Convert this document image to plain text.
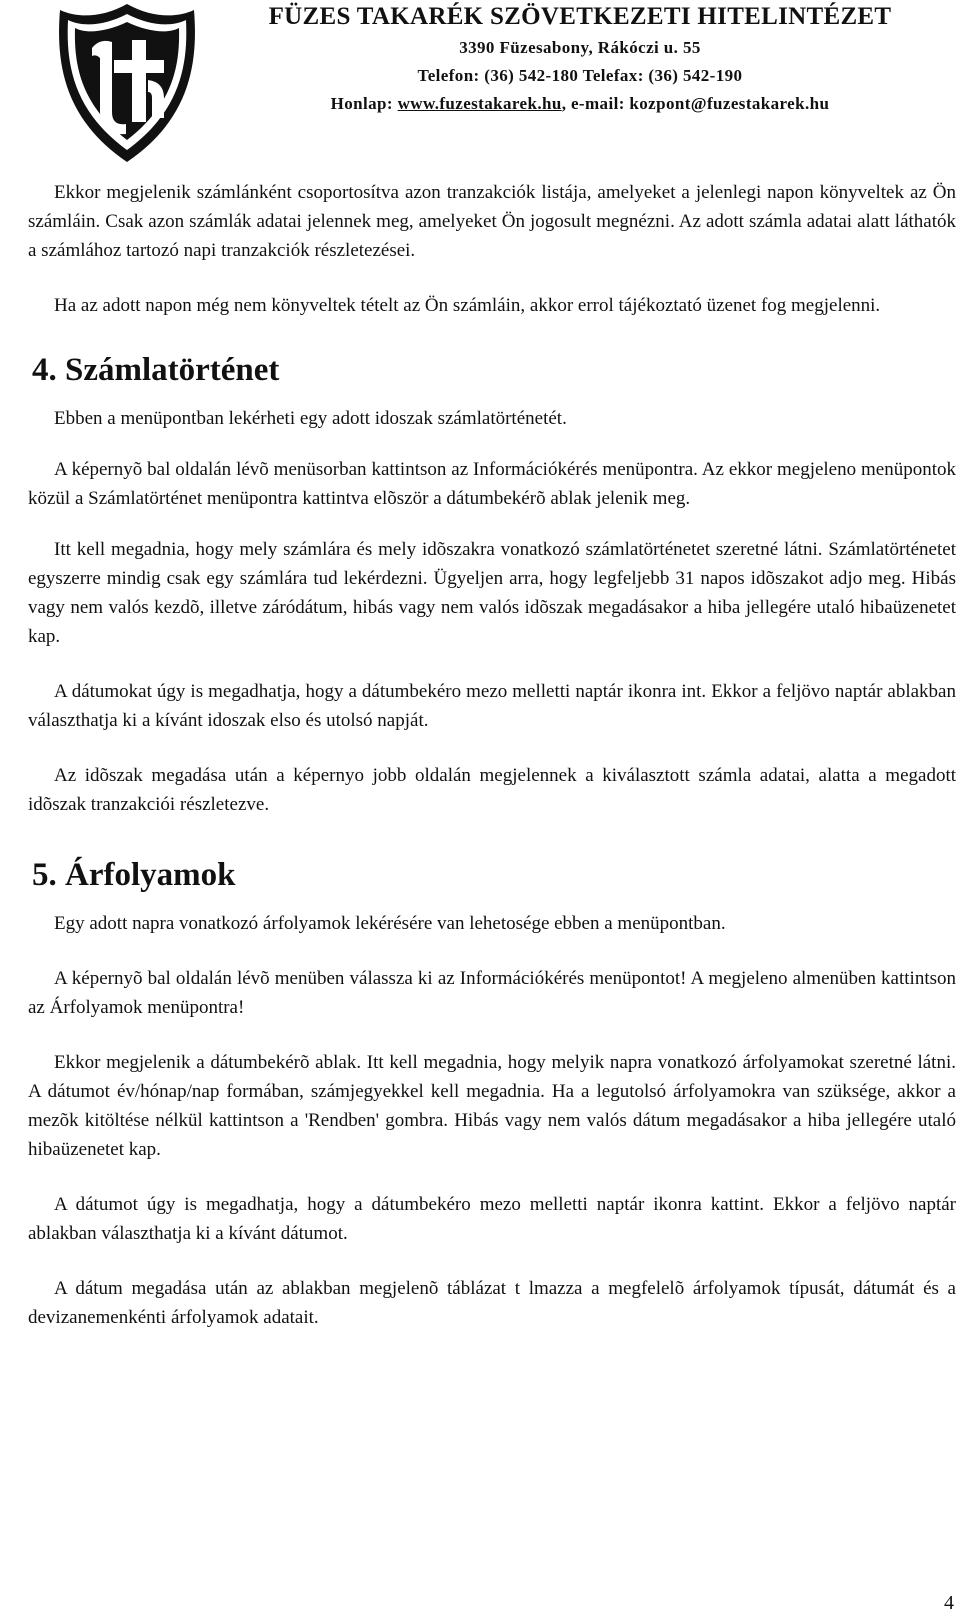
FÜZES TAKARÉK SZÖVETKEZETI HITELINTÉZET
3390 Füzesabony, Rákóczi u. 55
Telefon: (36) 542-180 Telefax: (36) 542-190
Honlap: www.fuzestakarek.hu, e-mail: kozpont@fuzestakarek.hu

Ekkor megjelenik számlánként csoportosítva azon tranzakciók listája, amelyeket a jelenlegi napon könyveltek az Ön számláin. Csak azon számlák adatai jelennek meg, amelyeket Ön jogosult megnézni. Az adott számla adatai alatt láthatók a számlához tartozó napi tranzakciók részletezései.

Ha az adott napon még nem könyveltek tételt az Ön számláin, akkor errol tájékoztató üzenet fog megjelenni.

4. Számlatörténet

Ebben a menüpontban lekérheti egy adott idoszak számlatörténetét.

A képernyõ bal oldalán lévõ menüsorban kattintson az Információkérés menüpontra. Az ekkor megjeleno menüpontok közül a Számlatörténet menüpontra kattintva elõször a dátumbekérõ ablak jelenik meg.

Itt kell megadnia, hogy mely számlára és mely idõszakra vonatkozó számlatörténetet szeretné látni. Számlatörténetet egyszerre mindig csak egy számlára tud lekérdezni. Ügyeljen arra, hogy legfeljebb 31 napos idõszakot adjo meg. Hibás vagy nem valós kezdõ, illetve záródátum, hibás vagy nem valós idõszak megadásakor a hiba jellegére utaló hibaüzenetet kap.

A dátumokat úgy is megadhatja, hogy a dátumbekéro mezo melletti naptár ikonra int. Ekkor a feljövo naptár ablakban választhatja ki a kívánt idoszak elso és utolsó napját.

Az idõszak megadása után a képernyo jobb oldalán megjelennek a kiválasztott számla adatai, alatta a megadott idõszak tranzakciói részletezve.

5. Árfolyamok

Egy adott napra vonatkozó árfolyamok lekérésére van lehetosége ebben a menüpontban.

A képernyõ bal oldalán lévõ menüben válassza ki az Információkérés menüpontot! A megjeleno almenüben kattintson az Árfolyamok menüpontra!

Ekkor megjelenik a dátumbekérõ ablak. Itt kell megadnia, hogy melyik napra vonatkozó árfolyamokat szeretné látni. A dátumot év/hónap/nap formában, számjegyekkel kell megadnia. Ha a legutolsó árfolyamokra van szüksége, akkor a mezõk kitöltése nélkül kattintson a 'Rendben' gombra. Hibás vagy nem valós dátum megadásakor a hiba jellegére utaló hibaüzenetet kap.

A dátumot úgy is megadhatja, hogy a dátumbekéro mezo melletti naptár ikonra kattint. Ekkor a feljövo naptár ablakban választhatja ki a kívánt dátumot.

A dátum megadása után az ablakban megjelenõ táblázat t lmazza a megfelelõ árfolyamok típusát, dátumát és a devizanemenkénti árfolyamok adatait.

4
